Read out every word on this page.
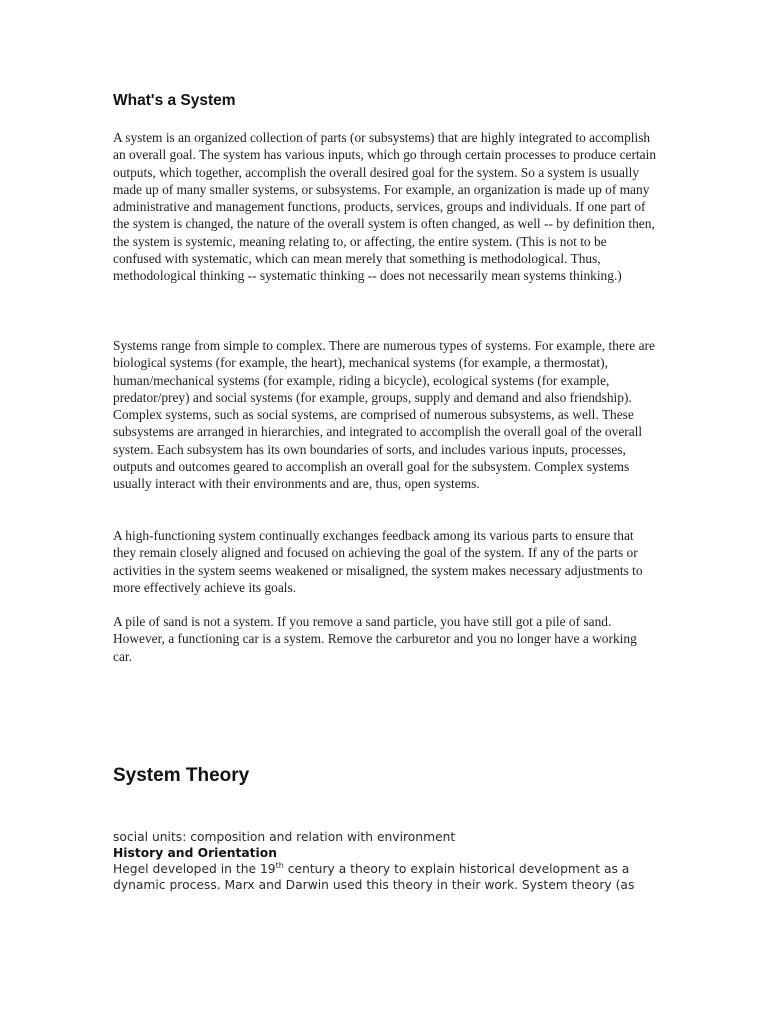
What's a System

A system is an organized collection of parts (or subsystems) that are highly integrated to accomplish an overall goal. The system has various inputs, which go through certain processes to produce certain outputs, which together, accomplish the overall desired goal for the system. So a system is usually made up of many smaller systems, or subsystems. For example, an organization is made up of many administrative and management functions, products, services, groups and individuals. If one part of the system is changed, the nature of the overall system is often changed, as well -- by definition then, the system is systemic, meaning relating to, or affecting, the entire system. (This is not to be confused with systematic, which can mean merely that something is methodological. Thus, methodological thinking -- systematic thinking -- does not necessarily mean systems thinking.)

Systems range from simple to complex. There are numerous types of systems. For example, there are biological systems (for example, the heart), mechanical systems (for example, a thermostat), human/mechanical systems (for example, riding a bicycle), ecological systems (for example, predator/prey) and social systems (for example, groups, supply and demand and also friendship). Complex systems, such as social systems, are comprised of numerous subsystems, as well. These subsystems are arranged in hierarchies, and integrated to accomplish the overall goal of the overall system. Each subsystem has its own boundaries of sorts, and includes various inputs, processes, outputs and outcomes geared to accomplish an overall goal for the subsystem. Complex systems usually interact with their environments and are, thus, open systems.

A high-functioning system continually exchanges feedback among its various parts to ensure that they remain closely aligned and focused on achieving the goal of the system. If any of the parts or activities in the system seems weakened or misaligned, the system makes necessary adjustments to more effectively achieve its goals.

A pile of sand is not a system. If you remove a sand particle, you have still got a pile of sand. However, a functioning car is a system. Remove the carburetor and you no longer have a working car.

System Theory
social units: composition and relation with environment
History and Orientation
Hegel developed in the 19th century a theory to explain historical development as a
dynamic process. Marx and Darwin used this theory in their work. System theory (as
